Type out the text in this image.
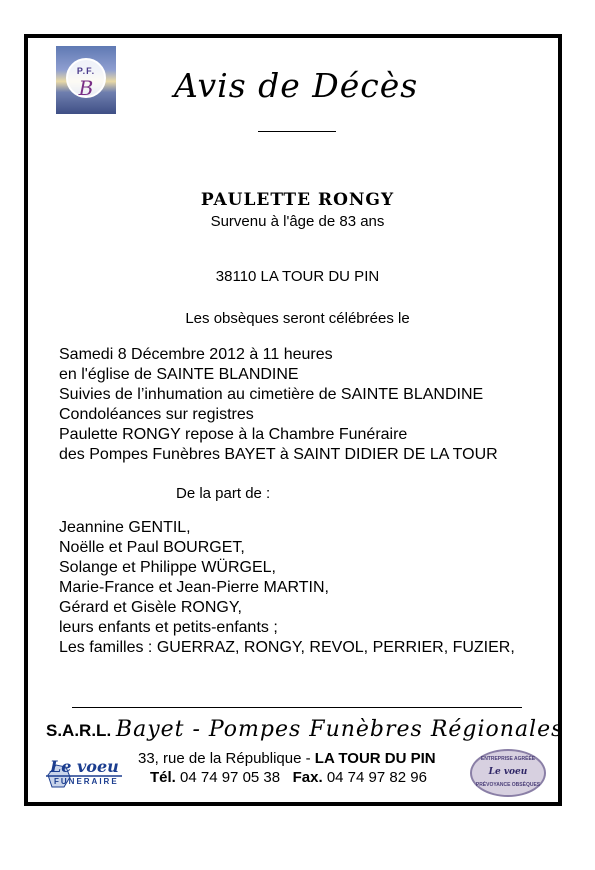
P.F.
B	Avis de Décès
PAULETTE RONGY
Survenu à l'âge de 83 ans
38110 LA TOUR DU PIN
Les obsèques seront célébrées le
Samedi 8 Décembre 2012 à 11 heures
en l'église de SAINTE BLANDINE
Suivies de l’inhumation au cimetière de SAINTE BLANDINE
Condoléances sur registres
Paulette RONGY repose à la Chambre Funéraire
des Pompes Funèbres BAYET à SAINT DIDIER DE LA TOUR
De la part de :
Jeannine GENTIL,
Noëlle et Paul BOURGET,
Solange et Philippe WÜRGEL,
Marie-France et Jean-Pierre MARTIN,
Gérard et Gisèle RONGY,
leurs enfants et petits-enfants ;
Les familles : GUERRAZ, RONGY, REVOL, PERRIER, FUZIER,
S.A.R.L. Bayet - Pompes Funèbres Régionales
33, rue de la République - LA TOUR DU PIN
Tél. 04 74 97 05 38 Fax. 04 74 97 82 96
Le voeu
FUNERAIRE
ENTREPRISE AGRÉÉE
Le voeu
PRÉVOYANCE OBSÈQUES
